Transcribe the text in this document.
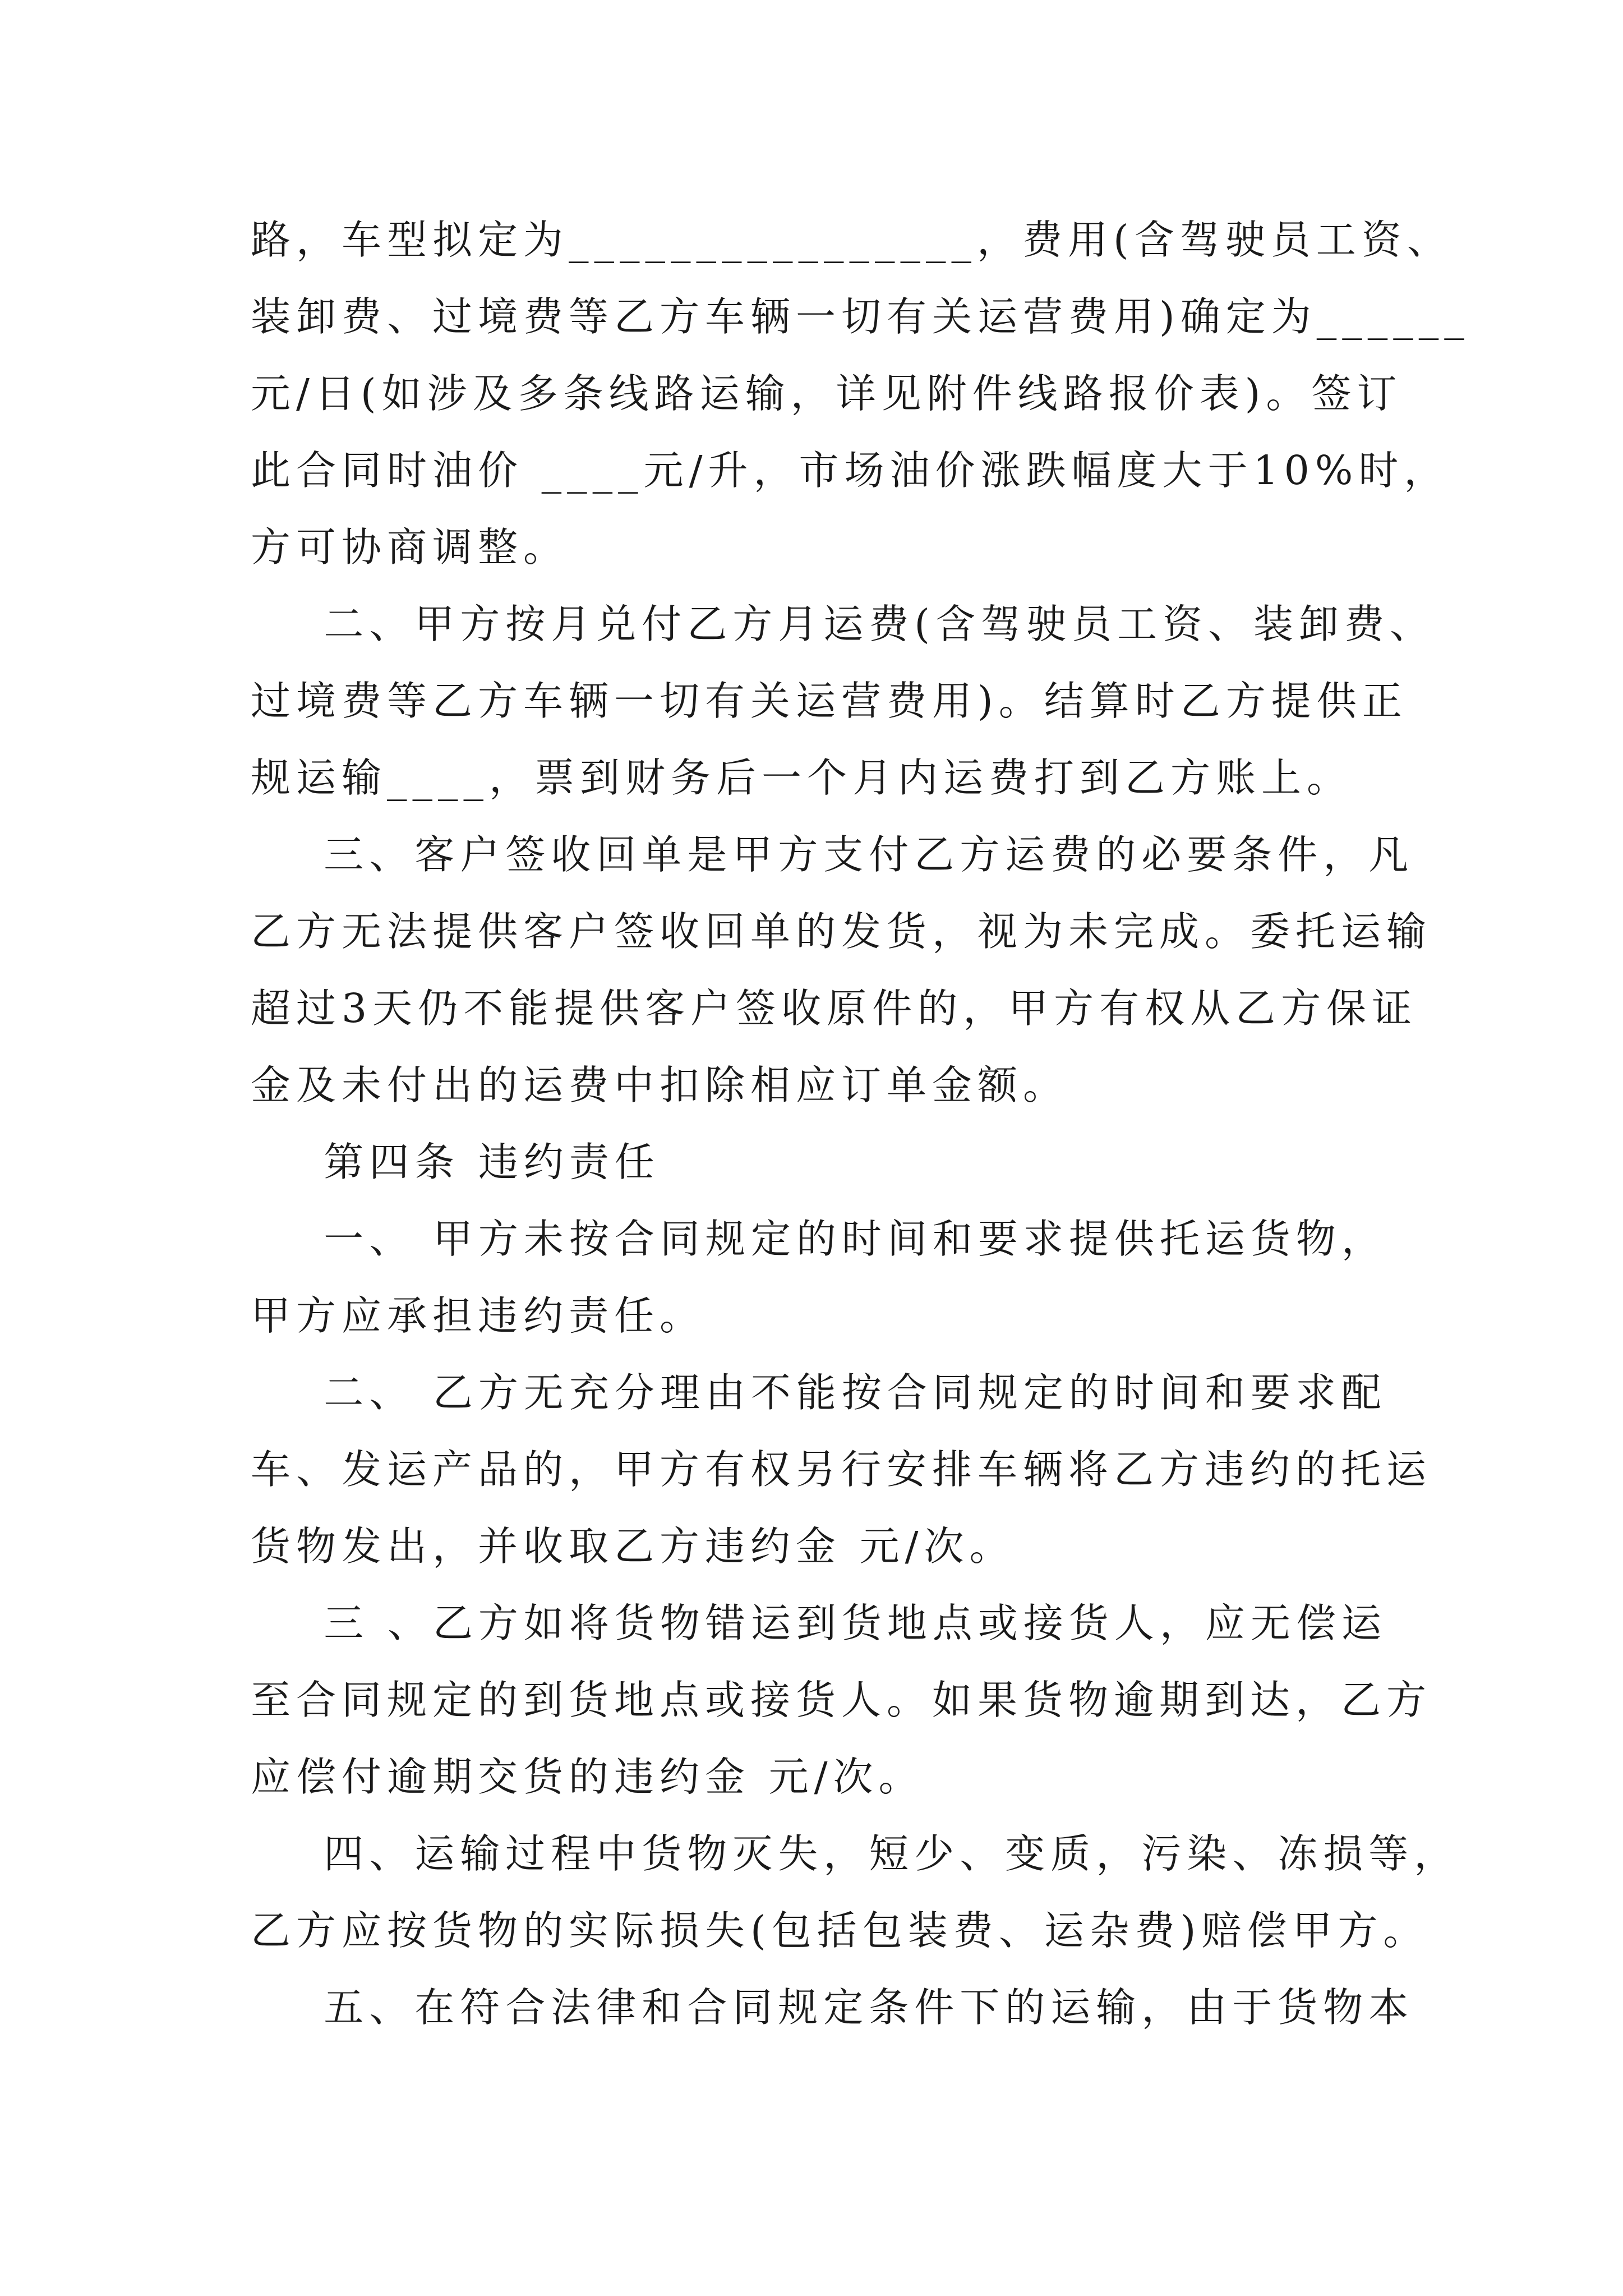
路，车型拟定为________________，费用(含驾驶员工资、
装卸费、过境费等乙方车辆一切有关运营费用)确定为______
元/日(如涉及多条线路运输，详见附件线路报价表)。签订
此合同时油价 ____元/升，市场油价涨跌幅度大于10%时，
方可协商调整。
二、甲方按月兑付乙方月运费(含驾驶员工资、装卸费、
过境费等乙方车辆一切有关运营费用)。结算时乙方提供正
规运输____，票到财务后一个月内运费打到乙方账上。
三、客户签收回单是甲方支付乙方运费的必要条件，凡
乙方无法提供客户签收回单的发货，视为未完成。委托运输
超过3天仍不能提供客户签收原件的，甲方有权从乙方保证
金及未付出的运费中扣除相应订单金额。
第四条 违约责任
一、 甲方未按合同规定的时间和要求提供托运货物，
甲方应承担违约责任。
二、 乙方无充分理由不能按合同规定的时间和要求配
车、发运产品的，甲方有权另行安排车辆将乙方违约的托运
货物发出，并收取乙方违约金 元/次。
三 、乙方如将货物错运到货地点或接货人，应无偿运
至合同规定的到货地点或接货人。如果货物逾期到达，乙方
应偿付逾期交货的违约金 元/次。
四、运输过程中货物灭失，短少、变质，污染、冻损等，
乙方应按货物的实际损失(包括包装费、运杂费)赔偿甲方。
五、在符合法律和合同规定条件下的运输，由于货物本
